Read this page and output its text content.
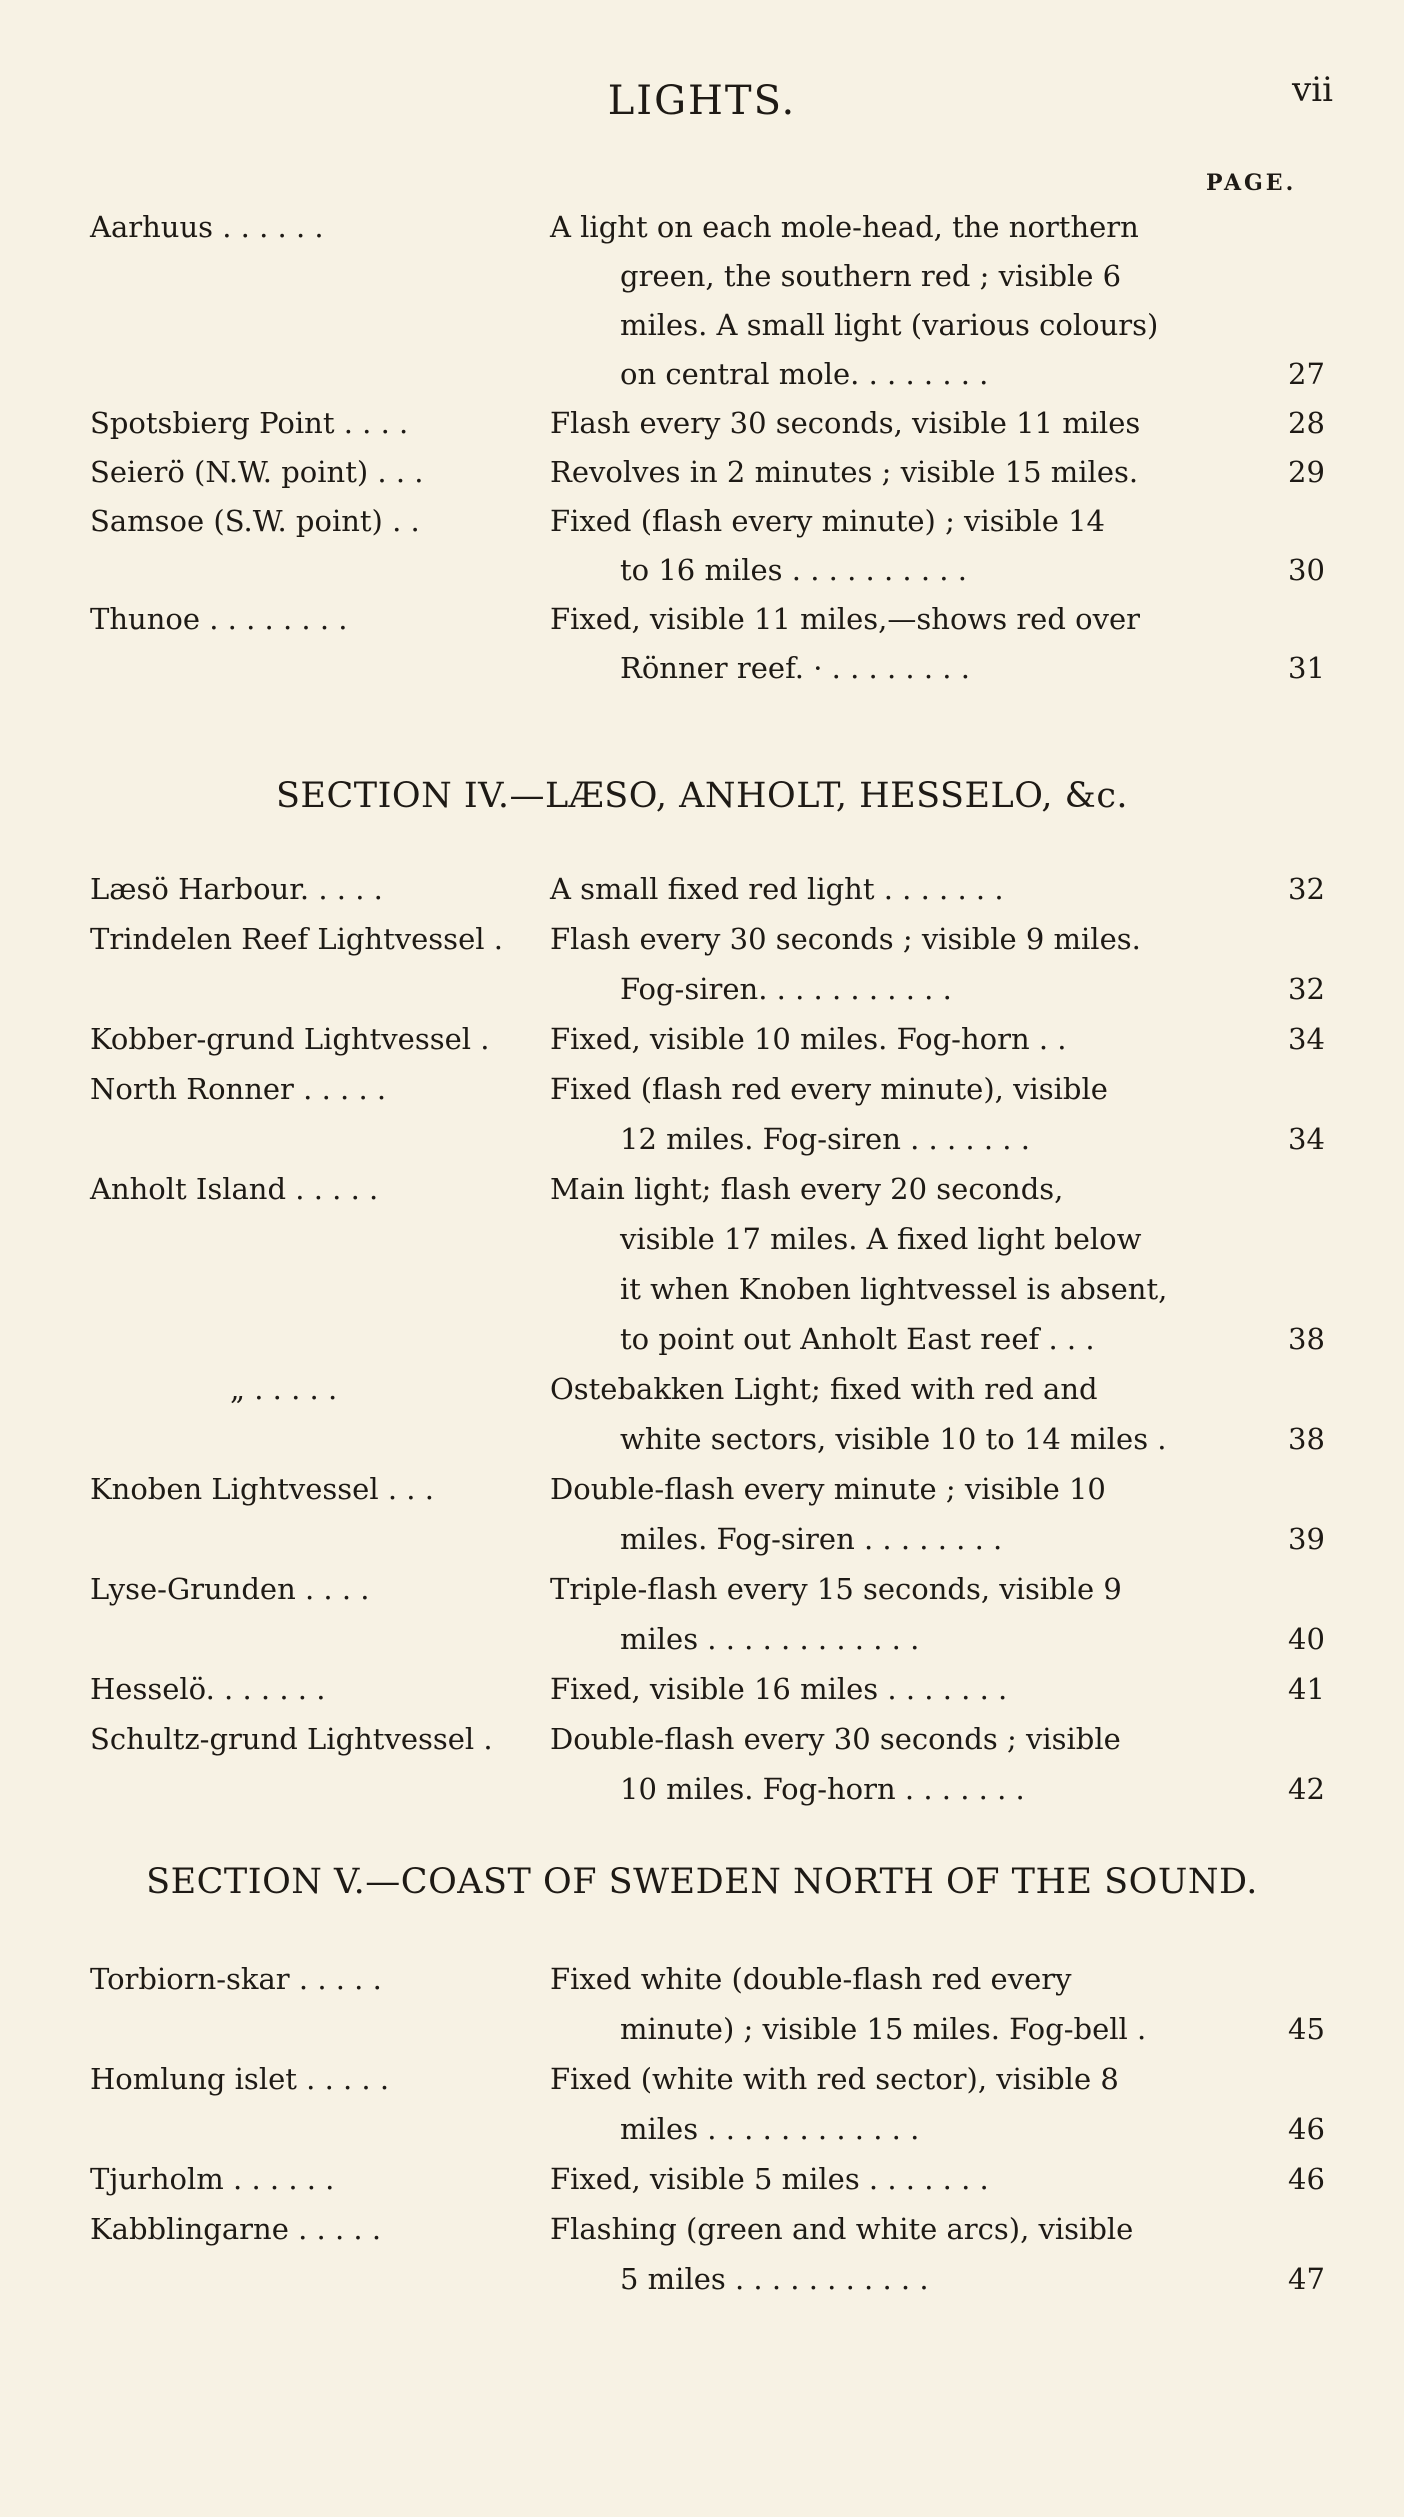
LIGHTS.	vii
PAGE.
Aarhuus . . . . . .	A light on each mole-head, the northern
green, the southern red ; visible 6
miles. A small light (various colours)
on central mole. . . . . . . .	27
Spotsbierg Point . . . .	Flash every 30 seconds, visible 11 miles	28
Seierö (N.W. point) . . .	Revolves in 2 minutes ; visible 15 miles.	29
Samsoe (S.W. point) . .	Fixed (flash every minute) ; visible 14
to 16 miles . . . . . . . . . .	30
Thunoe . . . . . . . .	Fixed, visible 11 miles,—shows red over
Rönner reef. · . . . . . . . .	31
SECTION IV.—LÆSO, ANHOLT, HESSELO, &c.
Læsö Harbour. . . . .	A small fixed red light . . . . . . .	32
Trindelen Reef Lightvessel . Flash every 30 seconds ; visible 9 miles.
Fog-siren. . . . . . . . . . .	32
Kobber-grund Lightvessel . Fixed, visible 10 miles. Fog-horn . .	34
North Ronner . . . . .	Fixed (flash red every minute), visible
12 miles. Fog-siren . . . . . . .	34
Anholt Island . . . . .	Main light; flash every 20 seconds,
visible 17 miles. A fixed light below
it when Knoben lightvessel is absent,
to point out Anholt East reef . . .	38
„ . . . . .	Ostebakken Light; fixed with red and
white sectors, visible 10 to 14 miles .	38
Knoben Lightvessel . . .	Double-flash every minute ; visible 10
miles. Fog-siren . . . . . . . .	39
Lyse-Grunden . . . .	Triple-flash every 15 seconds, visible 9
miles . . . . . . . . . . . .	40
Hesselö. . . . . . .	Fixed, visible 16 miles . . . . . . .	41
Schultz-grund Lightvessel . Double-flash every 30 seconds ; visible
10 miles. Fog-horn . . . . . . .	42
SECTION V.—COAST OF SWEDEN NORTH OF THE SOUND.
Torbiorn-skar . . . . .	Fixed white (double-flash red every
minute) ; visible 15 miles. Fog-bell .	45
Homlung islet . . . . .	Fixed (white with red sector), visible 8
miles . . . . . . . . . . . .	46
Tjurholm . . . . . .	Fixed, visible 5 miles . . . . . . .	46
Kabblingarne . . . . .	Flashing (green and white arcs), visible
5 miles . . . . . . . . . . .	47
